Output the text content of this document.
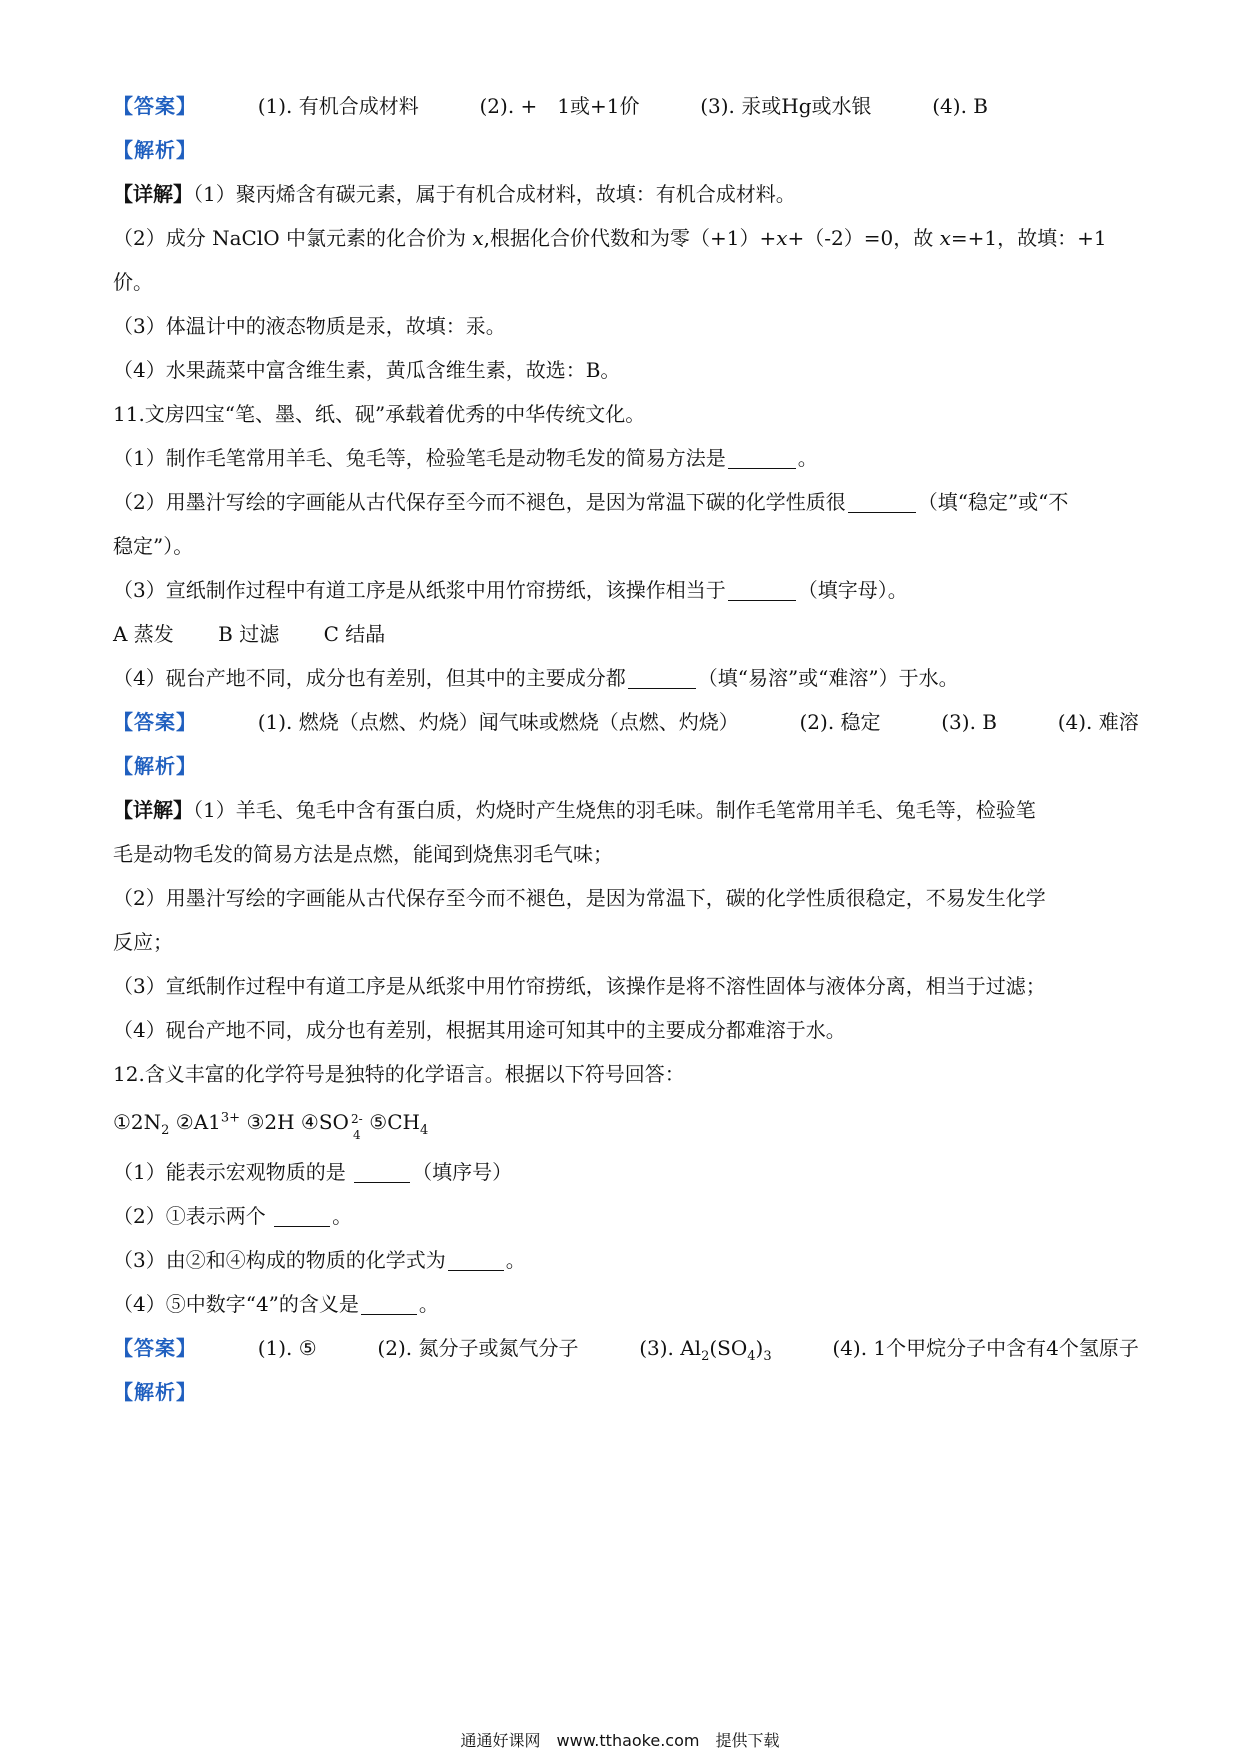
【答案】	(1). 有机合成材料	(2). +　1或+1价	(3). 汞或Hg或水银	(4). B
【解析】
【详解】（1）聚丙烯含有碳元素，属于有机合成材料，故填：有机合成材料。
（2）成分 NaClO 中氯元素的化合价为 x,根据化合价代数和为零（+1）+x+（-2）=0，故 x=+1，故填：+1
价。
（3）体温计中的液态物质是汞，故填：汞。
（4）水果蔬菜中富含维生素，黄瓜含维生素，故选：B。
11.文房四宝“笔、墨、纸、砚”承载着优秀的中华传统文化。
（1）制作毛笔常用羊毛、兔毛等，检验笔毛是动物毛发的简易方法是	。
（2）用墨汁写绘的字画能从古代保存至今而不褪色，是因为常温下碳的化学性质很	（填“稳定”或“不
稳定”）。
（3）宣纸制作过程中有道工序是从纸浆中用竹帘捞纸，该操作相当于	（填字母）。
A 蒸发 B 过滤 C 结晶
（4）砚台产地不同，成分也有差别，但其中的主要成分都	（填“易溶”或“难溶”）于水。
【答案】	(1). 燃烧（点燃、灼烧）闻气味或燃烧（点燃、灼烧）	(2). 稳定	(3). B	(4). 难溶
【解析】
【详解】（1）羊毛、兔毛中含有蛋白质，灼烧时产生烧焦的羽毛味。制作毛笔常用羊毛、兔毛等，检验笔
毛是动物毛发的简易方法是点燃，能闻到烧焦羽毛气味；
（2）用墨汁写绘的字画能从古代保存至今而不褪色，是因为常温下，碳的化学性质很稳定，不易发生化学
反应；
（3）宣纸制作过程中有道工序是从纸浆中用竹帘捞纸，该操作是将不溶性固体与液体分离，相当于过滤；
（4）砚台产地不同，成分也有差别，根据其用途可知其中的主要成分都难溶于水。
12.含义丰富的化学符号是独特的化学语言。根据以下符号回答：
$①2N_2$ $②A1^{3+}$ ③2H ④SO 2-
4
$⑤CH_4$
（1）能表示宏观物质的是	（填序号）
（2）①表示两个	。
（3）由②和④构成的物质的化学式为	。
（4）⑤中数字“4”的含义是	。
【答案】	(1). ⑤	(2). 氮分子或氮气分子	(3). $Al_2(SO_4)_3$	(4). 1个甲烷分子中含有4个氢原子
【解析】
通通好课网　www.tthaoke.com　提供下载
